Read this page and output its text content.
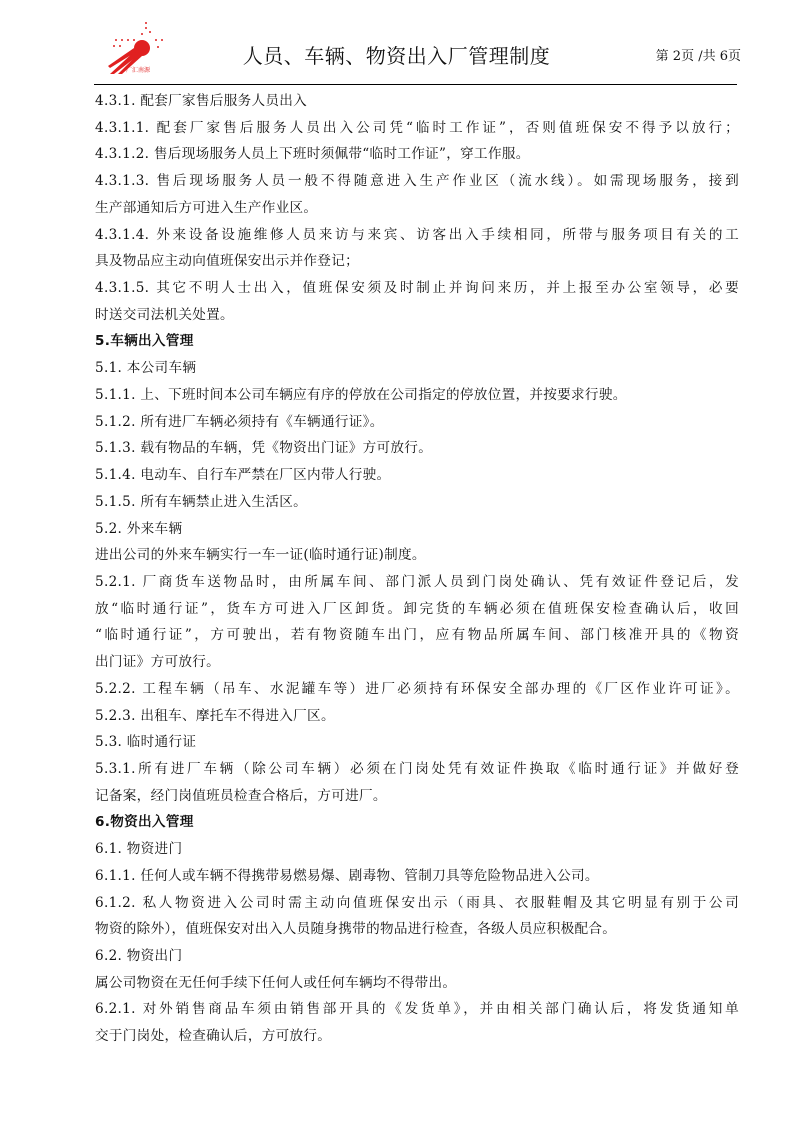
厂汇南源
人员、车辆、物资出入厂管理制度	第 2页 /共 6页
4.3.1. 配套厂家售后服务人员出入
4.3.1.1. 配套厂家售后服务人员出入公司凭“临时工作证”，否则值班保安不得予以放行；
4.3.1.2. 售后现场服务人员上下班时须佩带“临时工作证”，穿工作服。
4.3.1.3. 售后现场服务人员一般不得随意进入生产作业区（流水线）。如需现场服务，接到
生产部通知后方可进入生产作业区。
4.3.1.4. 外来设备设施维修人员来访与来宾、访客出入手续相同，所带与服务项目有关的工
具及物品应主动向值班保安出示并作登记；
4.3.1.5. 其它不明人士出入，值班保安须及时制止并询问来历，并上报至办公室领导，必要
时送交司法机关处置。
5.车辆出入管理
5.1. 本公司车辆
5.1.1. 上、下班时间本公司车辆应有序的停放在公司指定的停放位置，并按要求行驶。
5.1.2. 所有进厂车辆必须持有《车辆通行证》。
5.1.3. 载有物品的车辆，凭《物资出门证》方可放行。
5.1.4. 电动车、自行车严禁在厂区内带人行驶。
5.1.5. 所有车辆禁止进入生活区。
5.2. 外来车辆
进出公司的外来车辆实行一车一证(临时通行证)制度。
5.2.1. 厂商货车送物品时，由所属车间、部门派人员到门岗处确认、凭有效证件登记后，发
放“临时通行证”，货车方可进入厂区卸货。卸完货的车辆必须在值班保安检查确认后，收回
“临时通行证”，方可驶出，若有物资随车出门，应有物品所属车间、部门核准开具的《物资
出门证》方可放行。
5.2.2. 工程车辆（吊车、水泥罐车等）进厂必须持有环保安全部办理的《厂区作业许可证》。
5.2.3. 出租车、摩托车不得进入厂区。
5.3. 临时通行证
5.3.1.所有进厂车辆（除公司车辆）必须在门岗处凭有效证件换取《临时通行证》并做好登
记备案，经门岗值班员检查合格后，方可进厂。
6.物资出入管理
6.1. 物资进门
6.1.1. 任何人或车辆不得携带易燃易爆、剧毒物、管制刀具等危险物品进入公司。
6.1.2. 私人物资进入公司时需主动向值班保安出示（雨具、衣服鞋帽及其它明显有别于公司
物资的除外），值班保安对出入人员随身携带的物品进行检查，各级人员应积极配合。
6.2. 物资出门
属公司物资在无任何手续下任何人或任何车辆均不得带出。
6.2.1. 对外销售商品车须由销售部开具的《发货单》，并由相关部门确认后，将发货通知单
交于门岗处，检查确认后，方可放行。
